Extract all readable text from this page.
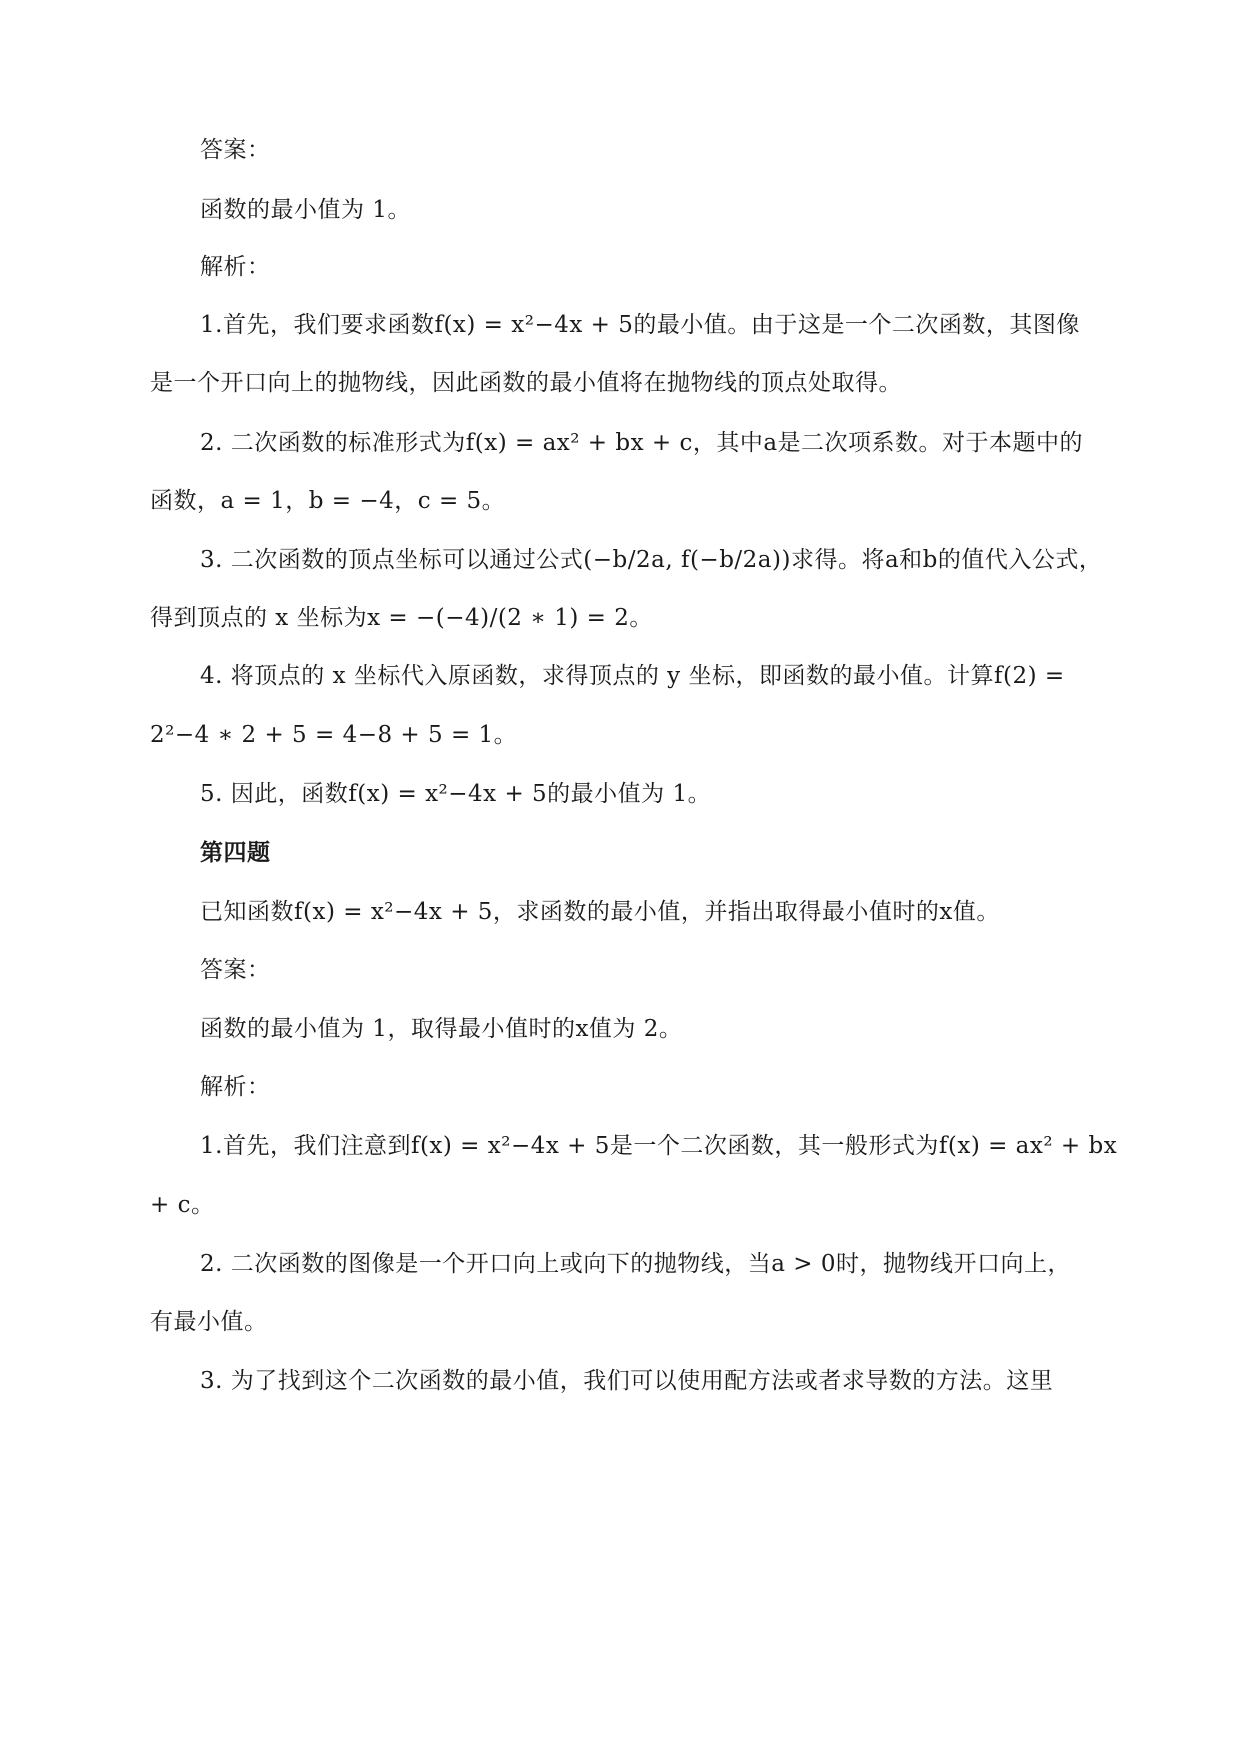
答案：
函数的最小值为 1。
解析：
1.首先，我们要求函数f(x) = x²−4x + 5的最小值。由于这是一个二次函数，其图像
是一个开口向上的抛物线，因此函数的最小值将在抛物线的顶点处取得。
2. 二次函数的标准形式为f(x) = ax² + bx + c，其中a是二次项系数。对于本题中的
函数，a = 1，b = −4，c = 5。
3. 二次函数的顶点坐标可以通过公式(−b/2a, f(−b/2a))求得。将a和b的值代入公式，
得到顶点的 x 坐标为x = −(−4)/(2 ∗ 1) = 2。
4. 将顶点的 x 坐标代入原函数，求得顶点的 y 坐标，即函数的最小值。计算f(2) =
2²−4 ∗ 2 + 5 = 4−8 + 5 = 1。
5. 因此，函数f(x) = x²−4x + 5的最小值为 1。
第四题
已知函数f(x) = x²−4x + 5，求函数的最小值，并指出取得最小值时的x值。
答案：
函数的最小值为 1，取得最小值时的x值为 2。
解析：
1.首先，我们注意到f(x) = x²−4x + 5是一个二次函数，其一般形式为f(x) = ax² + bx
+ c。
2. 二次函数的图像是一个开口向上或向下的抛物线，当a > 0时，抛物线开口向上，
有最小值。
3. 为了找到这个二次函数的最小值，我们可以使用配方法或者求导数的方法。这里
